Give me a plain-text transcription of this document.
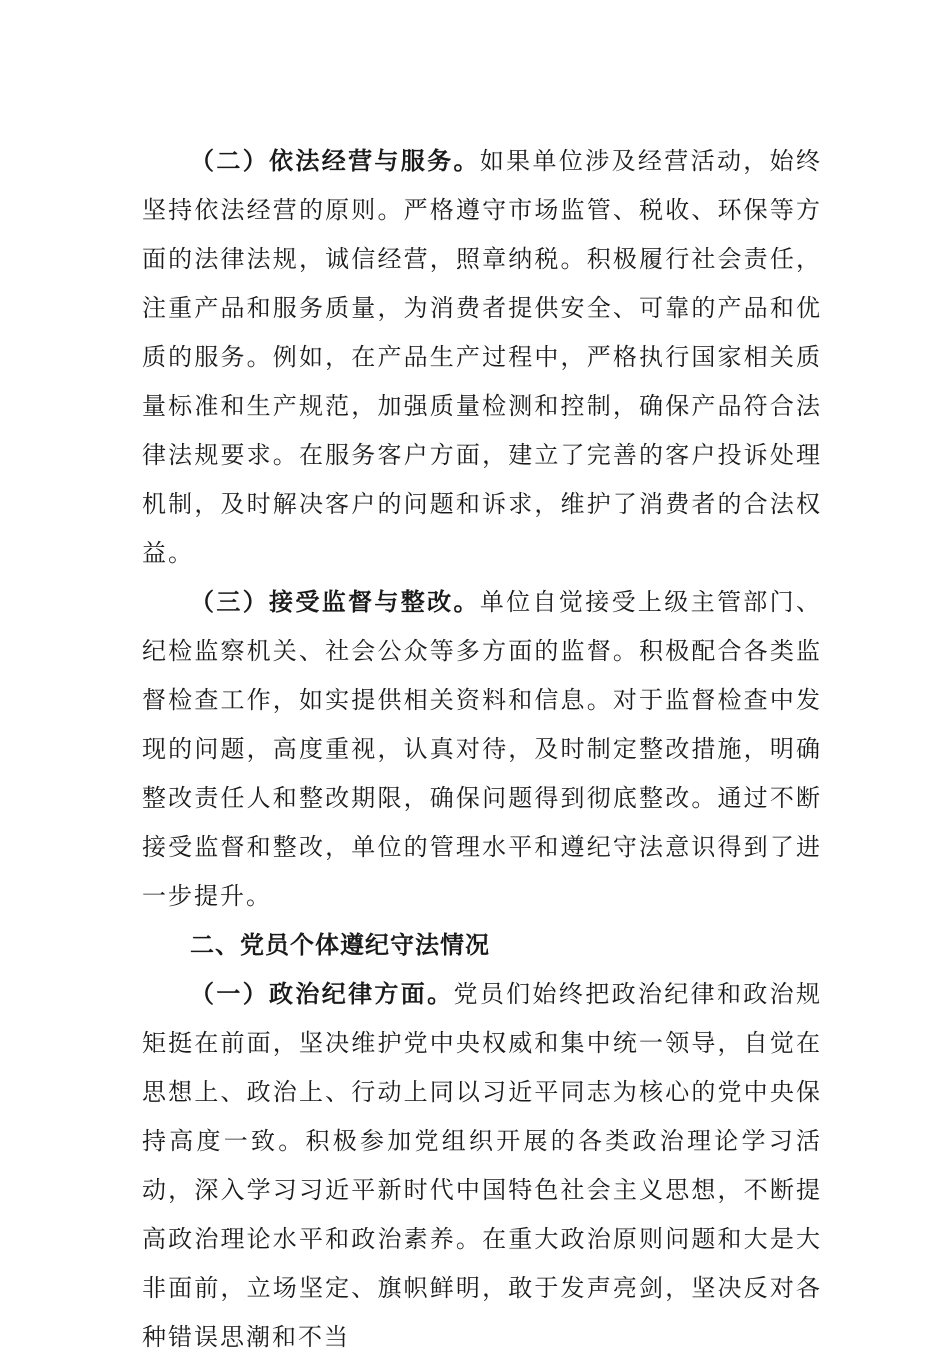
（二）依法经营与服务。如果单位涉及经营活动，始终坚持依法经营的原则。严格遵守市场监管、税收、环保等方面的法律法规，诚信经营，照章纳税。积极履行社会责任，注重产品和服务质量，为消费者提供安全、可靠的产品和优质的服务。例如，在产品生产过程中，严格执行国家相关质量标准和生产规范，加强质量检测和控制，确保产品符合法律法规要求。在服务客户方面，建立了完善的客户投诉处理机制，及时解决客户的问题和诉求，维护了消费者的合法权益。

（三）接受监督与整改。单位自觉接受上级主管部门、纪检监察机关、社会公众等多方面的监督。积极配合各类监督检查工作，如实提供相关资料和信息。对于监督检查中发现的问题，高度重视，认真对待，及时制定整改措施，明确整改责任人和整改期限，确保问题得到彻底整改。通过不断接受监督和整改，单位的管理水平和遵纪守法意识得到了进一步提升。

二、党员个体遵纪守法情况

（一）政治纪律方面。党员们始终把政治纪律和政治规矩挺在前面，坚决维护党中央权威和集中统一领导，自觉在思想上、政治上、行动上同以习近平同志为核心的党中央保持高度一致。积极参加党组织开展的各类政治理论学习活动，深入学习习近平新时代中国特色社会主义思想，不断提高政治理论水平和政治素养。在重大政治原则问题和大是大非面前，立场坚定、旗帜鲜明，敢于发声亮剑，坚决反对各种错误思潮和不当
